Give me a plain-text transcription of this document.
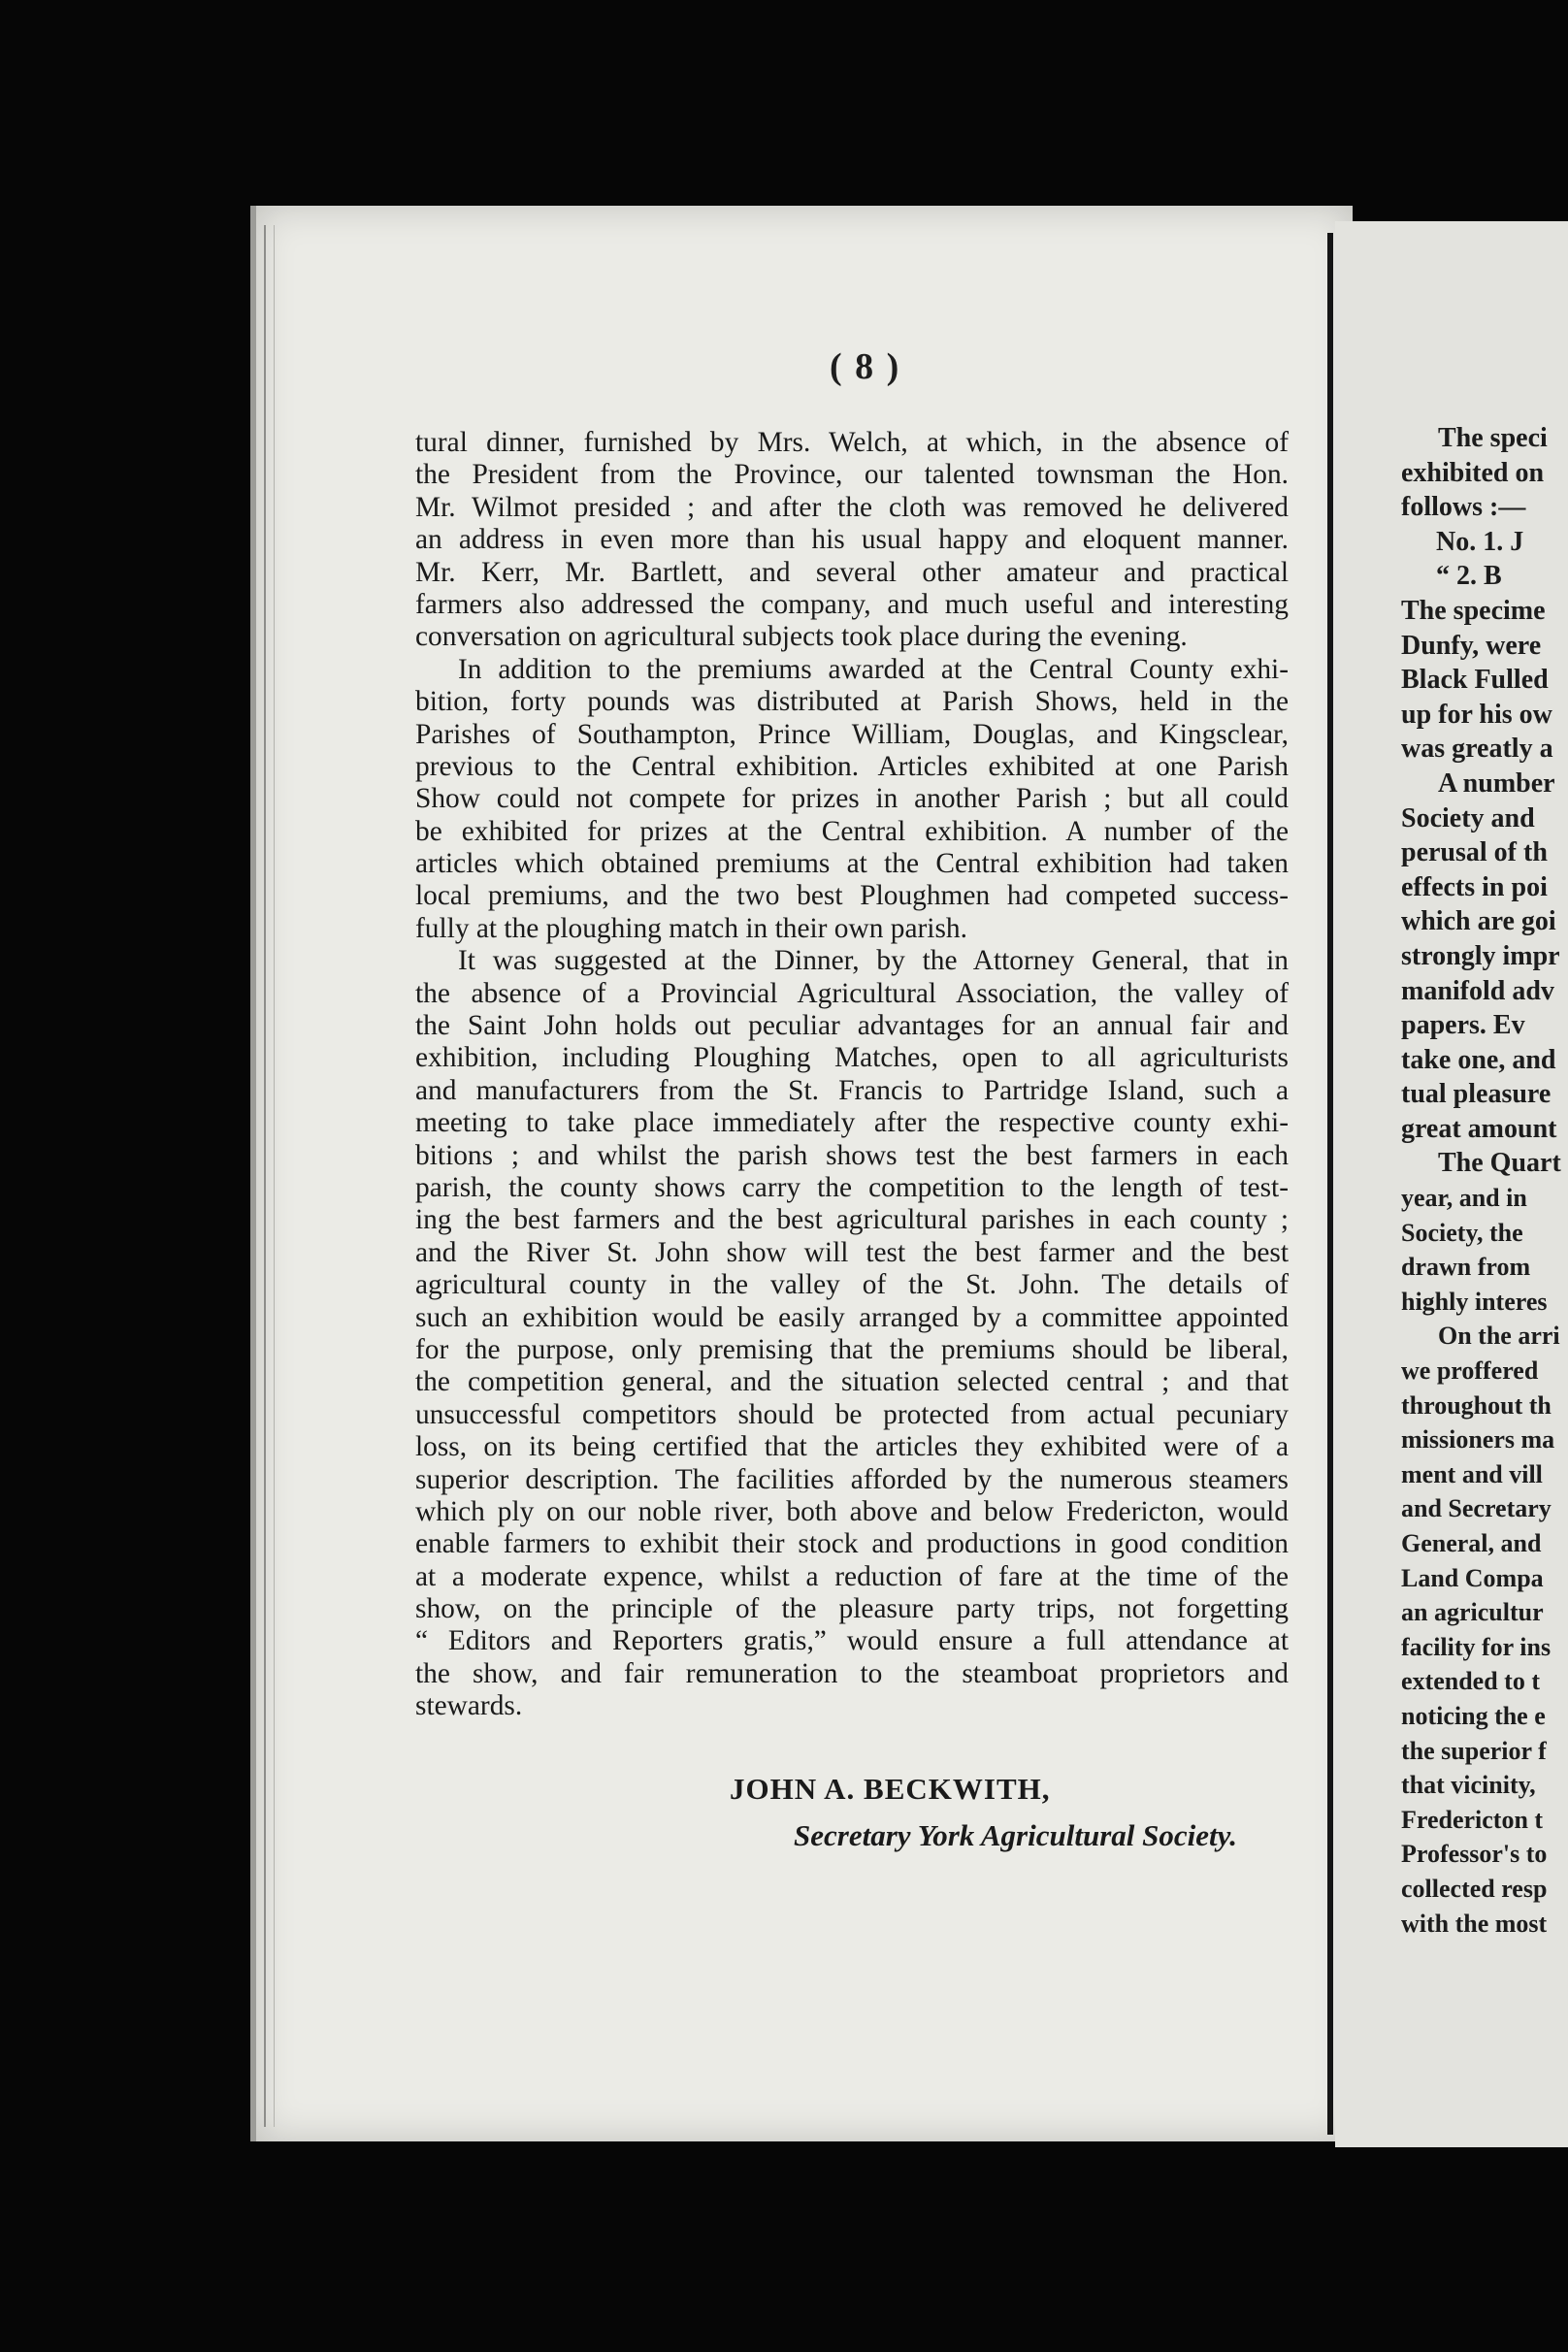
( 8 )
tural dinner, furnished by Mrs. Welch, at which, in the absence of
the President from the Province, our talented townsman the Hon.
Mr. Wilmot presided ; and after the cloth was removed he delivered
an address in even more than his usual happy and eloquent manner.
Mr. Kerr, Mr. Bartlett, and several other amateur and practical
farmers also addressed the company, and much useful and interesting
conversation on agricultural subjects took place during the evening.
In addition to the premiums awarded at the Central County exhi-
bition, forty pounds was distributed at Parish Shows, held in the
Parishes of Southampton, Prince William, Douglas, and Kingsclear,
previous to the Central exhibition. Articles exhibited at one Parish
Show could not compete for prizes in another Parish ; but all could
be exhibited for prizes at the Central exhibition. A number of the
articles which obtained premiums at the Central exhibition had taken
local premiums, and the two best Ploughmen had competed success-
fully at the ploughing match in their own parish.
It was suggested at the Dinner, by the Attorney General, that in
the absence of a Provincial Agricultural Association, the valley of
the Saint John holds out peculiar advantages for an annual fair and
exhibition, including Ploughing Matches, open to all agriculturists
and manufacturers from the St. Francis to Partridge Island, such a
meeting to take place immediately after the respective county exhi-
bitions ; and whilst the parish shows test the best farmers in each
parish, the county shows carry the competition to the length of test-
ing the best farmers and the best agricultural parishes in each county ;
and the River St. John show will test the best farmer and the best
agricultural county in the valley of the St. John. The details of
such an exhibition would be easily arranged by a committee appointed
for the purpose, only premising that the premiums should be liberal,
the competition general, and the situation selected central ; and that
unsuccessful competitors should be protected from actual pecuniary
loss, on its being certified that the articles they exhibited were of a
superior description. The facilities afforded by the numerous steamers
which ply on our noble river, both above and below Fredericton, would
enable farmers to exhibit their stock and productions in good condition
at a moderate expence, whilst a reduction of fare at the time of the
show, on the principle of the pleasure party trips, not forgetting
“ Editors and Reporters gratis,” would ensure a full attendance at
the show, and fair remuneration to the steamboat proprietors and
stewards.
JOHN A. BECKWITH,
Secretary York Agricultural Society.
The speci
exhibited on
follows :—
No. 1. J
“ 2. B
The specime
Dunfy, were
Black Fulled
up for his ow
was greatly a
A number
Society and
perusal of th
effects in poi
which are goi
strongly impr
manifold adv
papers. Ev
take one, and
tual pleasure
great amount
The Quart
year, and in
Society, the
drawn from
highly interes
On the arri
we proffered
throughout th
missioners ma
ment and vill
and Secretary
General, and
Land Compa
an agricultur
facility for ins
extended to t
noticing the e
the superior f
that vicinity,
Fredericton t
Professor's to
collected resp
with the most
